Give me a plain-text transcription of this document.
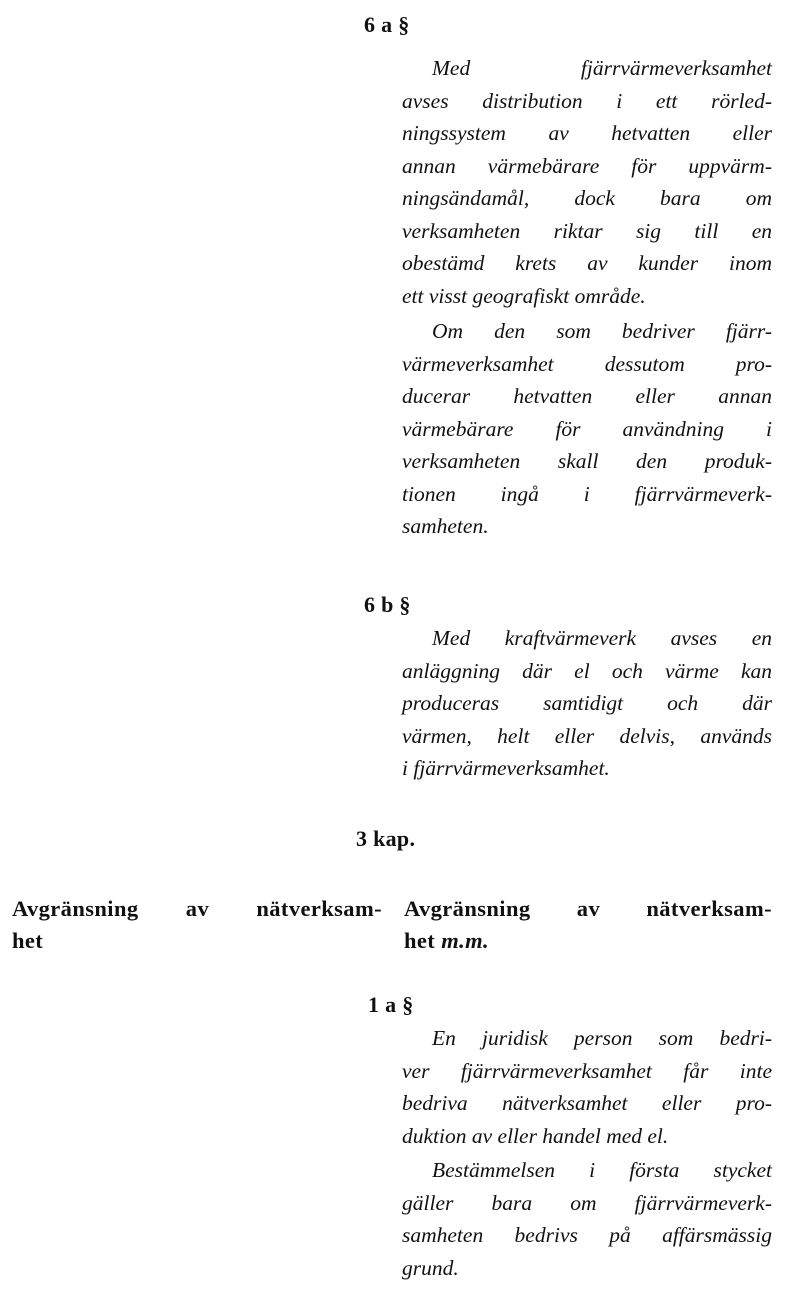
6 a §

Med fjärrvärmeverksamhet
avses distribution i ett rörled-
ningssystem av hetvatten eller
annan värmebärare för uppvärm-
ningsändamål, dock bara om
verksamheten riktar sig till en
obestämd krets av kunder inom
ett visst geografiskt område.

Om den som bedriver fjärr-
värmeverksamhet dessutom pro-
ducerar hetvatten eller annan
värmebärare för användning i
verksamheten skall den produk-
tionen ingå i fjärrvärmeverk-
samheten.

6 b §

Med kraftvärmeverk avses en
anläggning där el och värme kan
produceras samtidigt och där
värmen, helt eller delvis, används
i fjärrvärmeverksamhet.

3 kap.
Avgränsning av nätverksam-
het
Avgränsning av nätverksam-
het m.m.
1 a §

En juridisk person som bedri-
ver fjärrvärmeverksamhet får inte
bedriva nätverksamhet eller pro-
duktion av eller handel med el.

Bestämmelsen i första stycket
gäller bara om fjärrvärmeverk-
samheten bedrivs på affärsmässig
grund.
